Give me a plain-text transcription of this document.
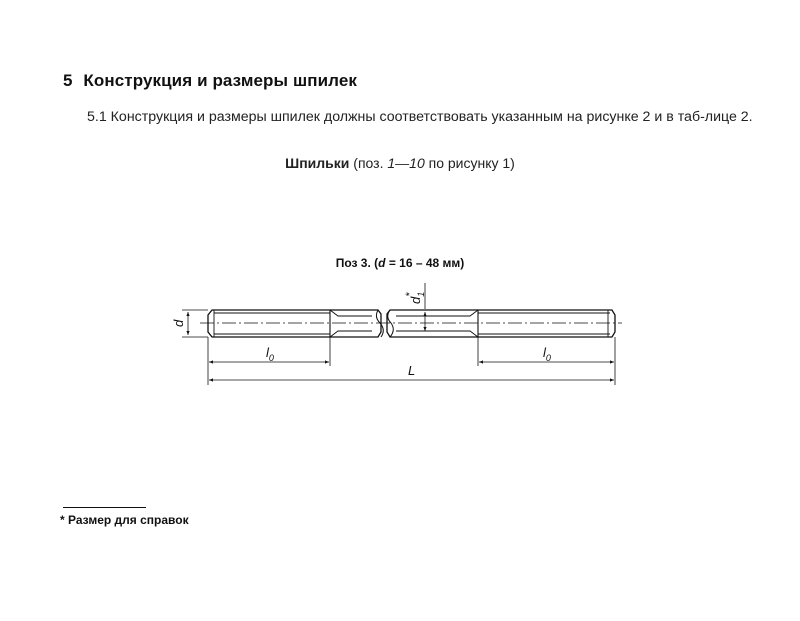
5 Конструкция и размеры шпилек
5.1 Конструкция и размеры шпилек должны соответствовать указанным на рисунке 2 и в таб-лице 2.
Шпильки (поз. 1—10 по рисунку 1)
Поз 3. (d = 16 – 48 мм)
d
$d_1*$
$l_0$	$l_0$
L
* Размер для справок
